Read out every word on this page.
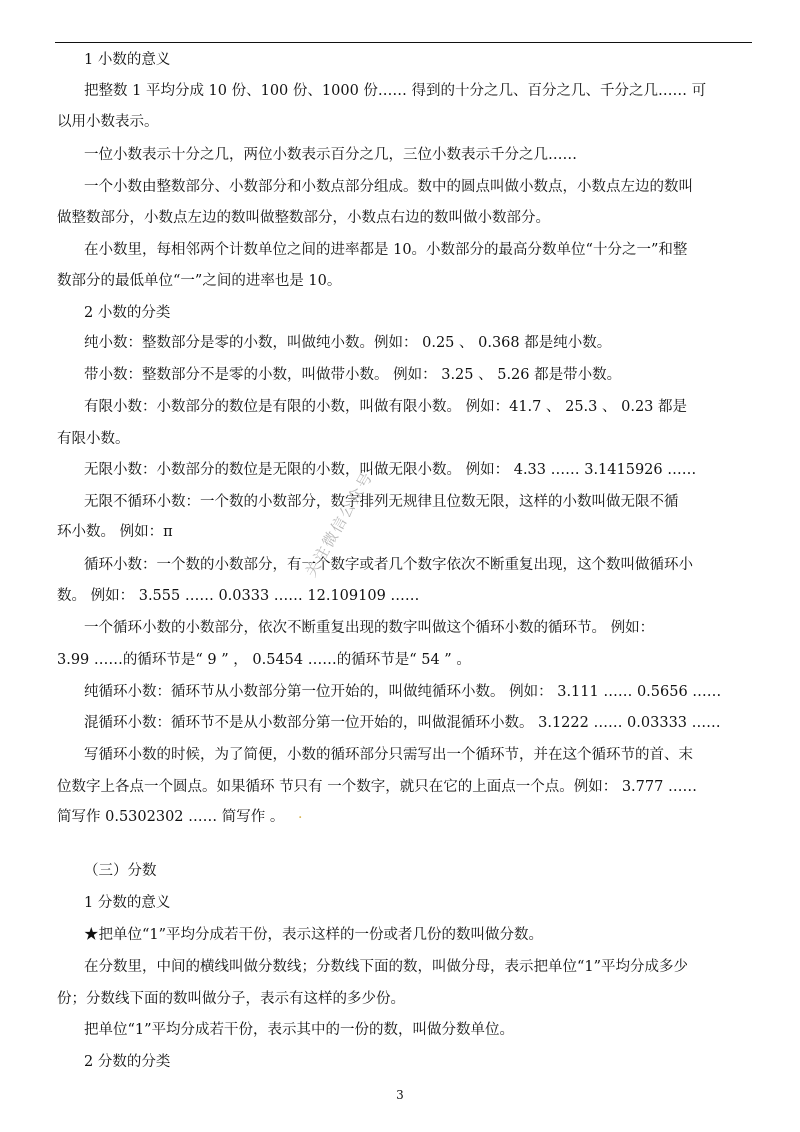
1 小数的意义
把整数 1 平均分成 10 份、100 份、1000 份…… 得到的十分之几、百分之几、千分之几…… 可
以用小数表示。
一位小数表示十分之几，两位小数表示百分之几，三位小数表示千分之几……
一个小数由整数部分、小数部分和小数点部分组成。数中的圆点叫做小数点，小数点左边的数叫
做整数部分，小数点左边的数叫做整数部分，小数点右边的数叫做小数部分。
在小数里，每相邻两个计数单位之间的进率都是 10。小数部分的最高分数单位“十分之一”和整
数部分的最低单位“一”之间的进率也是 10。
2 小数的分类
纯小数：整数部分是零的小数，叫做纯小数。例如： 0.25 、 0.368 都是纯小数。
带小数：整数部分不是零的小数，叫做带小数。 例如： 3.25 、 5.26 都是带小数。
有限小数：小数部分的数位是有限的小数，叫做有限小数。 例如：41.7 、 25.3 、 0.23 都是
有限小数。
无限小数：小数部分的数位是无限的小数，叫做无限小数。 例如： 4.33 …… 3.1415926 ……
无限不循环小数：一个数的小数部分，数字排列无规律且位数无限，这样的小数叫做无限不循
环小数。 例如：π
循环小数：一个数的小数部分，有一个数字或者几个数字依次不断重复出现，这个数叫做循环小
数。 例如： 3.555 …… 0.0333 …… 12.109109 ……
一个循环小数的小数部分，依次不断重复出现的数字叫做这个循环小数的循环节。 例如：
3.99 ……的循环节是“ 9 ” ， 0.5454 ……的循环节是“ 54 ” 。
纯循环小数：循环节从小数部分第一位开始的，叫做纯循环小数。 例如： 3.111 …… 0.5656 ……
混循环小数：循环节不是从小数部分第一位开始的，叫做混循环小数。 3.1222 …… 0.03333 ……
写循环小数的时候，为了简便，小数的循环部分只需写出一个循环节，并在这个循环节的首、末
位数字上各点一个圆点。如果循环 节只有 一个数字，就只在它的上面点一个点。例如： 3.777 ……
简写作 0.5302302 …… 简写作 。
（三）分数
1 分数的意义
★把单位“1”平均分成若干份，表示这样的一份或者几份的数叫做分数。
在分数里，中间的横线叫做分数线；分数线下面的数，叫做分母，表示把单位“1”平均分成多少
份；分数线下面的数叫做分子，表示有这样的多少份。
把单位“1”平均分成若干份，表示其中的一份的数，叫做分数单位。
2 分数的分类
关注微信公众号
·
3
